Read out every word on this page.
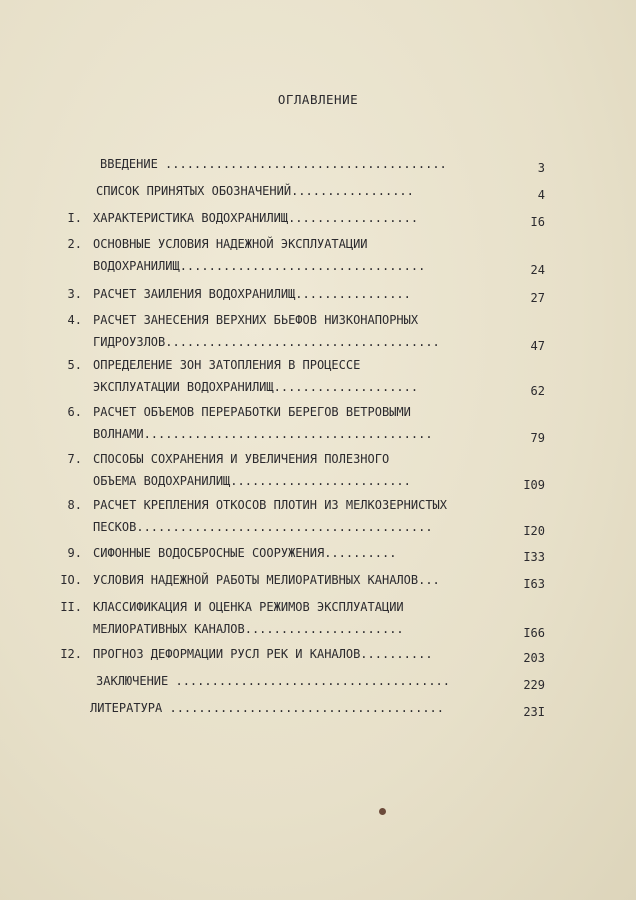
ОГЛАВЛЕНИЕ
ВВЕДЕНИЕ .......................................	3
СПИСОК ПРИНЯТЫХ ОБОЗНАЧЕНИЙ.................	4
I. ХАРАКТЕРИСТИКА ВОДОХРАНИЛИЩ..................	I6
2. ОСНОВНЫЕ УСЛОВИЯ НАДЕЖНОЙ ЭКСПЛУАТАЦИИ
ВОДОХРАНИЛИЩ..................................	24
3. РАСЧЕТ ЗАИЛЕНИЯ ВОДОХРАНИЛИЩ................	27
4. РАСЧЕТ ЗАНЕСЕНИЯ ВЕРХНИХ БЬЕФОВ НИЗКОНАПОРНЫХ
ГИДРОУЗЛОВ......................................	47
5. ОПРЕДЕЛЕНИЕ ЗОН ЗАТОПЛЕНИЯ В ПРОЦЕССЕ
ЭКСПЛУАТАЦИИ ВОДОХРАНИЛИЩ....................	62
6. РАСЧЕТ ОБЪЕМОВ ПЕРЕРАБОТКИ БЕРЕГОВ ВЕТРОВЫМИ
ВОЛНАМИ........................................	79
7. СПОСОБЫ СОХРАНЕНИЯ И УВЕЛИЧЕНИЯ ПОЛЕЗНОГО
ОБЪЕМА ВОДОХРАНИЛИЩ.........................	I09
8. РАСЧЕТ КРЕПЛЕНИЯ ОТКОСОВ ПЛОТИН ИЗ МЕЛКОЗЕРНИСТЫХ
ПЕСКОВ.........................................	I20
9. СИФОННЫЕ ВОДОСБРОСНЫЕ СООРУЖЕНИЯ..........	I33
IO. УСЛОВИЯ НАДЕЖНОЙ РАБОТЫ МЕЛИОРАТИВНЫХ КАНАЛОВ...	I63
II. КЛАССИФИКАЦИЯ И ОЦЕНКА РЕЖИМОВ ЭКСПЛУАТАЦИИ
МЕЛИОРАТИВНЫХ КАНАЛОВ......................	I66
I2. ПРОГНОЗ ДЕФОРМАЦИИ РУСЛ РЕК И КАНАЛОВ..........	203
ЗАКЛЮЧЕНИЕ ......................................	229
ЛИТЕРАТУРА ......................................	23I
